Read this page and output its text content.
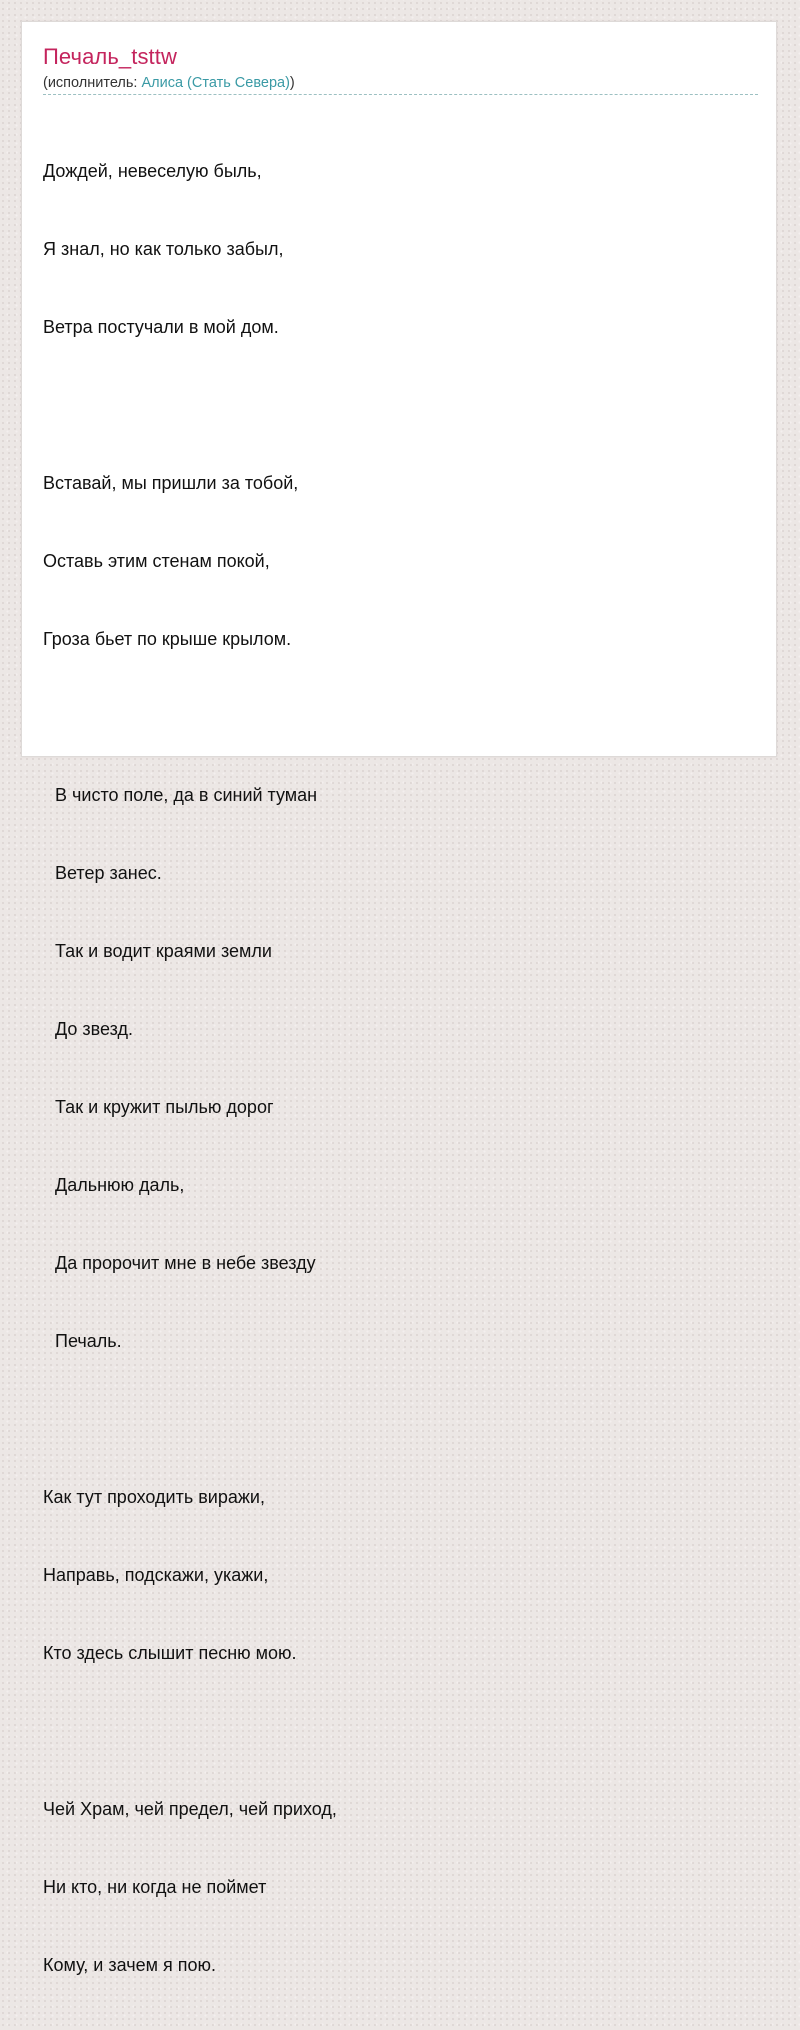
Печаль_tsttw
(исполнитель: Алиса (Стать Севера))

Дождей, невеселую быль,

Я знал, но как только забыл,

Ветра постучали в мой дом.

Вставай, мы пришли за тобой,

Оставь этим стенам покой,

Гроза бьет по крыше крылом.

В чисто поле, да в синий туман

Ветер занес.

Так и водит краями земли

До звезд.

Так и кружит пылью дорог

Дальнюю даль,

Да пророчит мне в небе звезду

Печаль.

Как тут проходить виражи,

Направь, подскажи, укажи,

Кто здесь слышит песню мою.

Чей Храм, чей предел, чей приход,

Ни кто, ни когда не поймет

Кому, и зачем я пою.
